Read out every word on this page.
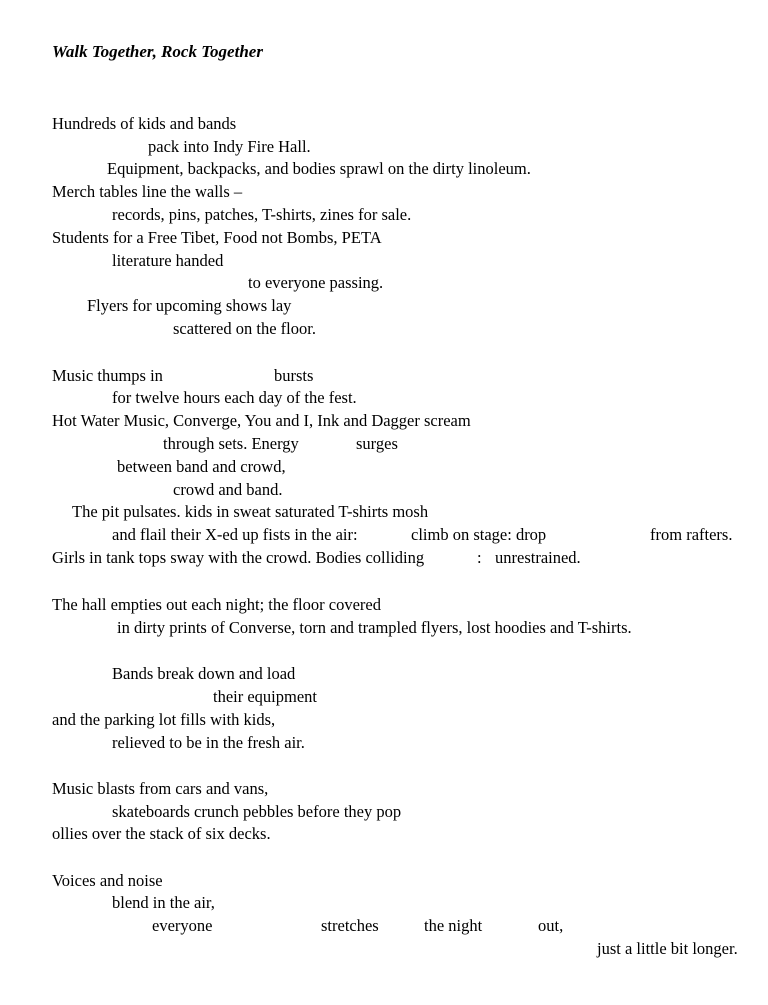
Walk Together, Rock Together
Hundreds of kids and bands
pack into Indy Fire Hall.
Equipment, backpacks, and bodies sprawl on the dirty linoleum.
Merch tables line the walls –
records, pins, patches, T-shirts, zines for sale.
Students for a Free Tibet, Food not Bombs, PETA
literature handed
to everyone passing.
Flyers for upcoming shows lay
scattered on the floor.
Music thumps in	bursts
for twelve hours each day of the fest.
Hot Water Music, Converge, You and I, Ink and Dagger scream
through sets. Energy	surges
between band and crowd,
crowd and band.
The pit pulsates. kids in sweat saturated T-shirts mosh
and flail their X-ed up fists in the air:	climb on stage: drop	from rafters.
Girls in tank tops sway with the crowd. Bodies colliding	: unrestrained.
The hall empties out each night; the floor covered
in dirty prints of Converse, torn and trampled flyers, lost hoodies and T-shirts.
Bands break down and load
their equipment
and the parking lot fills with kids,
relieved to be in the fresh air.
Music blasts from cars and vans,
skateboards crunch pebbles before they pop
ollies over the stack of six decks.
Voices and noise
blend in the air,
everyone	stretches	the night	out,
just a little bit longer.
